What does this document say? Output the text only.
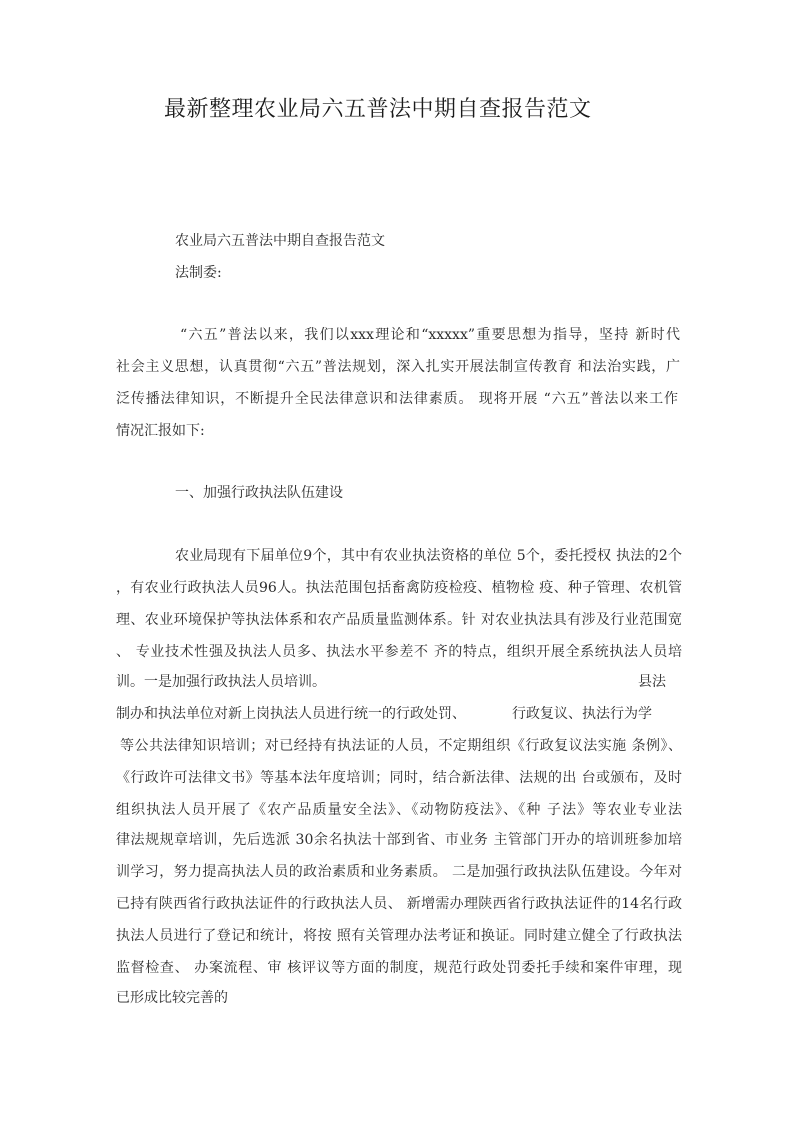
最新整理农业局六五普法中期自查报告范文
农业局六五普法中期自查报告范文
法制委:
“六五”普法以来，我们以xxx理论和“xxxxx”重要思想为指导，坚持 新时代
社会主义思想，认真贯彻“六五”普法规划，深入扎实开展法制宣传教育 和法治实践，广
泛传播法律知识，不断提升全民法律意识和法律素质。 现将开展 “六五”普法以来工作
情况汇报如下:
一、加强行政执法队伍建设
农业局现有下届单位9个，其中有农业执法资格的单位 5个，委托授权 执法的2个
，有农业行政执法人员96人。执法范围包括畜禽防疫检疫、植物检 疫、种子管理、农机管
理、农业环境保护等执法体系和农产品质量监测体系。针 对农业执法具有涉及行业范围宽
、 专业技术性强及执法人员多、执法水平参差不 齐的特点，组织开展全系统执法人员培
训。一是加强行政执法人员培训。	县法
制办和执法单位对新上岗执法人员进行统一的行政处罚、	行政复议、执法行为学
等公共法律知识培训；对已经持有执法证的人员，不定期组织《行政复议法实施 条例》、
《行政许可法律文书》等基本法年度培训；同时，结合新法律、法规的出 台或颁布，及时
组织执法人员开展了《农产品质量安全法》、《动物防疫法》、《种 子法》等农业专业法
律法规规章培训，先后选派 30余名执法十部到省、市业务 主管部门开办的培训班参加培
训学习，努力提高执法人员的政治素质和业务素质。 二是加强行政执法队伍建设。今年对
已持有陕西省行政执法证件的行政执法人员、 新增需办理陕西省行政执法证件的14名行政
执法人员进行了登记和统计，将按 照有关管理办法考证和换证。同时建立健全了行政执法
监督检查、 办案流程、审 核评议等方面的制度，规范行政处罚委托手续和案件审理，现
已形成比较完善的
